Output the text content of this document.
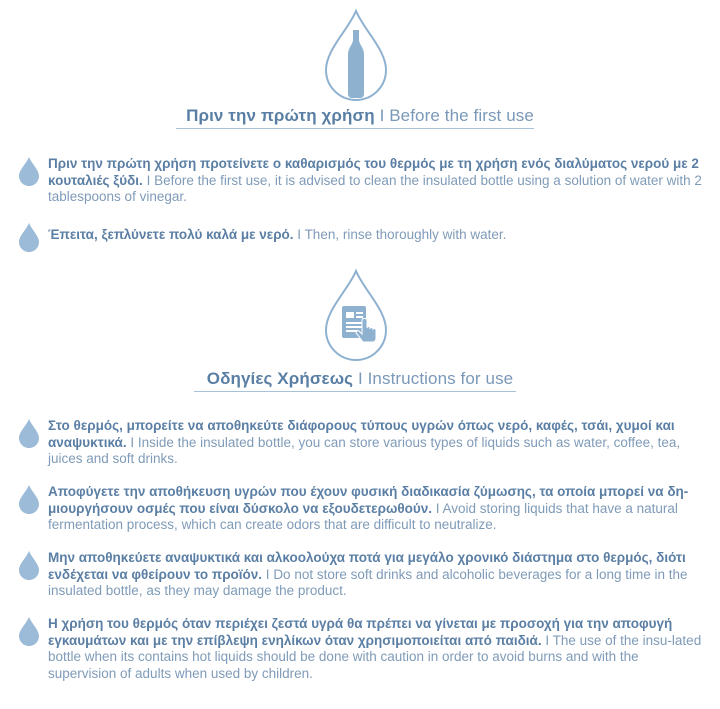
Πριν την πρώτη χρήση I Before the first use
Πριν την πρώτη χρήση προτείνετε ο καθαρισμός του θερμός με τη χρήση ενός διαλύματος νερού με 2 κουταλιές ξύδι. I Before the first use, it is advised to clean the insulated bottle using a solution of water with 2 tablespoons of vinegar.
Έπειτα, ξεπλύνετε πολύ καλά με νερό. I Then, rinse thoroughly with water.
Οδηγίες Χρήσεως I Instructions for use
Στο θερμός, μπορείτε να αποθηκεύτε διάφορους τύπους υγρών όπως νερό, καφές, τσάι, χυμοί και αναψυκτικά. I Inside the insulated bottle, you can store various types of liquids such as water, coffee, tea, juices and soft drinks.
Αποφύγετε την αποθήκευση υγρών που έχουν φυσική διαδικασία ζύμωσης, τα οποία μπορεί να δη-μιουργήσουν οσμές που είναι δύσκολο να εξουδετερωθούν. I Avoid storing liquids that have a natural fermentation process, which can create odors that are difficult to neutralize.
Μην αποθηκεύετε αναψυκτικά και αλκοολούχα ποτά για μεγάλο χρονικό διάστημα στο θερμός, διότι ενδέχεται να φθείρουν το προϊόν. I Do not store soft drinks and alcoholic beverages for a long time in the insulated bottle, as they may damage the product.
Η χρήση του θερμός όταν περιέχει ζεστά υγρά θα πρέπει να γίνεται με προσοχή για την αποφυγή εγκαυμάτων και με την επίβλεψη ενηλίκων όταν χρησιμοποιείται από παιδιά. I The use of the insu-lated bottle when its contains hot liquids should be done with caution in order to avoid burns and with the supervision of adults when used by children.
